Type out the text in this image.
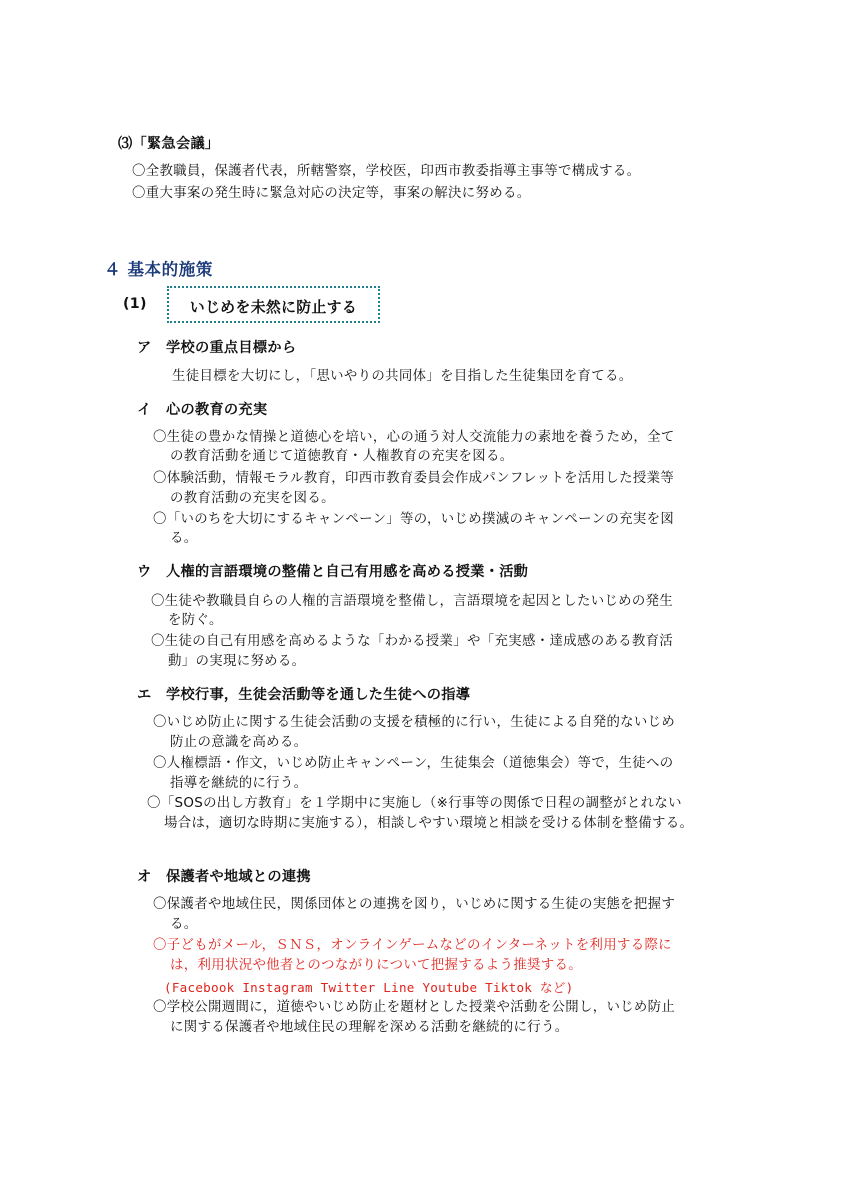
⑶「緊急会議」
〇全教職員，保護者代表，所轄警察，学校医，印西市教委指導主事等で構成する。
〇重大事案の発生時に緊急対応の決定等，事案の解決に努める。
４ 基本的施策
(1)	いじめを未然に防止する
ア　学校の重点目標から
生徒目標を大切にし，「思いやりの共同体」を目指した生徒集団を育てる。
イ　心の教育の充実
〇生徒の豊かな情操と道徳心を培い，心の通う対人交流能力の素地を養うため，全て
の教育活動を通じて道徳教育・人権教育の充実を図る。
〇体験活動，情報モラル教育，印西市教育委員会作成パンフレットを活用した授業等
の教育活動の充実を図る。
〇「いのちを大切にするキャンペーン」等の，いじめ撲滅のキャンペーンの充実を図
る。
ウ　人権的言語環境の整備と自己有用感を高める授業・活動
〇生徒や教職員自らの人権的言語環境を整備し，言語環境を起因としたいじめの発生
を防ぐ。
〇生徒の自己有用感を高めるような「わかる授業」や「充実感・達成感のある教育活
動」の実現に努める。
エ　学校行事，生徒会活動等を通した生徒への指導
〇いじめ防止に関する生徒会活動の支援を積極的に行い，生徒による自発的ないじめ
防止の意識を高める。
〇人権標語・作文，いじめ防止キャンペーン，生徒集会（道徳集会）等で，生徒への
指導を継続的に行う。
〇「SOSの出し方教育」を１学期中に実施し（※行事等の関係で日程の調整がとれない
場合は，適切な時期に実施する），相談しやすい環境と相談を受ける体制を整備する。
オ　保護者や地域との連携
〇保護者や地域住民，関係団体との連携を図り，いじめに関する生徒の実態を把握す
る。
〇子どもがメール，ＳＮＳ，オンラインゲームなどのインターネットを利用する際に
は，利用状況や他者とのつながりについて把握するよう推奨する。
(Facebook Instagram Twitter Line Youtube Tiktok など)
〇学校公開週間に，道徳やいじめ防止を題材とした授業や活動を公開し，いじめ防止
に関する保護者や地域住民の理解を深める活動を継続的に行う。
